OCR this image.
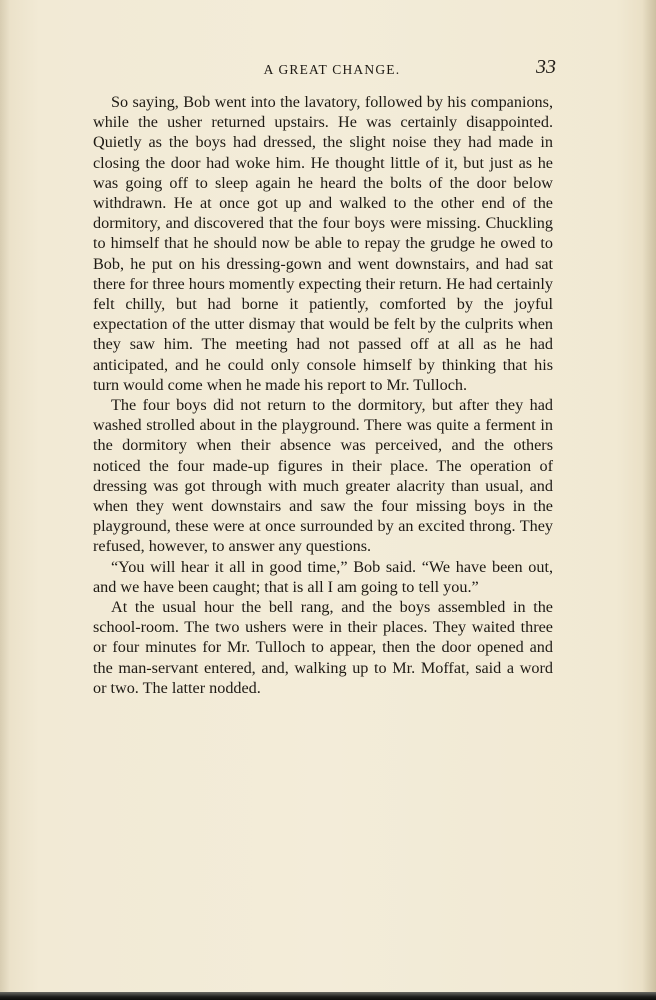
A GREAT CHANGE.	33

So saying, Bob went into the lavatory, followed by his companions, while the usher returned upstairs. He was certainly disappointed. Quietly as the boys had dressed, the slight noise they had made in closing the door had woke him. He thought little of it, but just as he was going off to sleep again he heard the bolts of the door below withdrawn. He at once got up and walked to the other end of the dormitory, and discovered that the four boys were missing. Chuckling to himself that he should now be able to repay the grudge he owed to Bob, he put on his dressing-gown and went downstairs, and had sat there for three hours momently expecting their return. He had certainly felt chilly, but had borne it patiently, comforted by the joyful expectation of the utter dismay that would be felt by the culprits when they saw him. The meeting had not passed off at all as he had anticipated, and he could only console himself by thinking that his turn would come when he made his report to Mr. Tulloch.

The four boys did not return to the dormitory, but after they had washed strolled about in the playground. There was quite a ferment in the dormitory when their absence was perceived, and the others noticed the four made-up figures in their place. The operation of dressing was got through with much greater alacrity than usual, and when they went downstairs and saw the four missing boys in the playground, these were at once surrounded by an excited throng. They refused, however, to answer any questions.

“You will hear it all in good time,” Bob said. “We have been out, and we have been caught; that is all I am going to tell you.”

At the usual hour the bell rang, and the boys assembled in the school-room. The two ushers were in their places. They waited three or four minutes for Mr. Tulloch to appear, then the door opened and the man-servant entered, and, walking up to Mr. Moffat, said a word or two. The latter nodded.
